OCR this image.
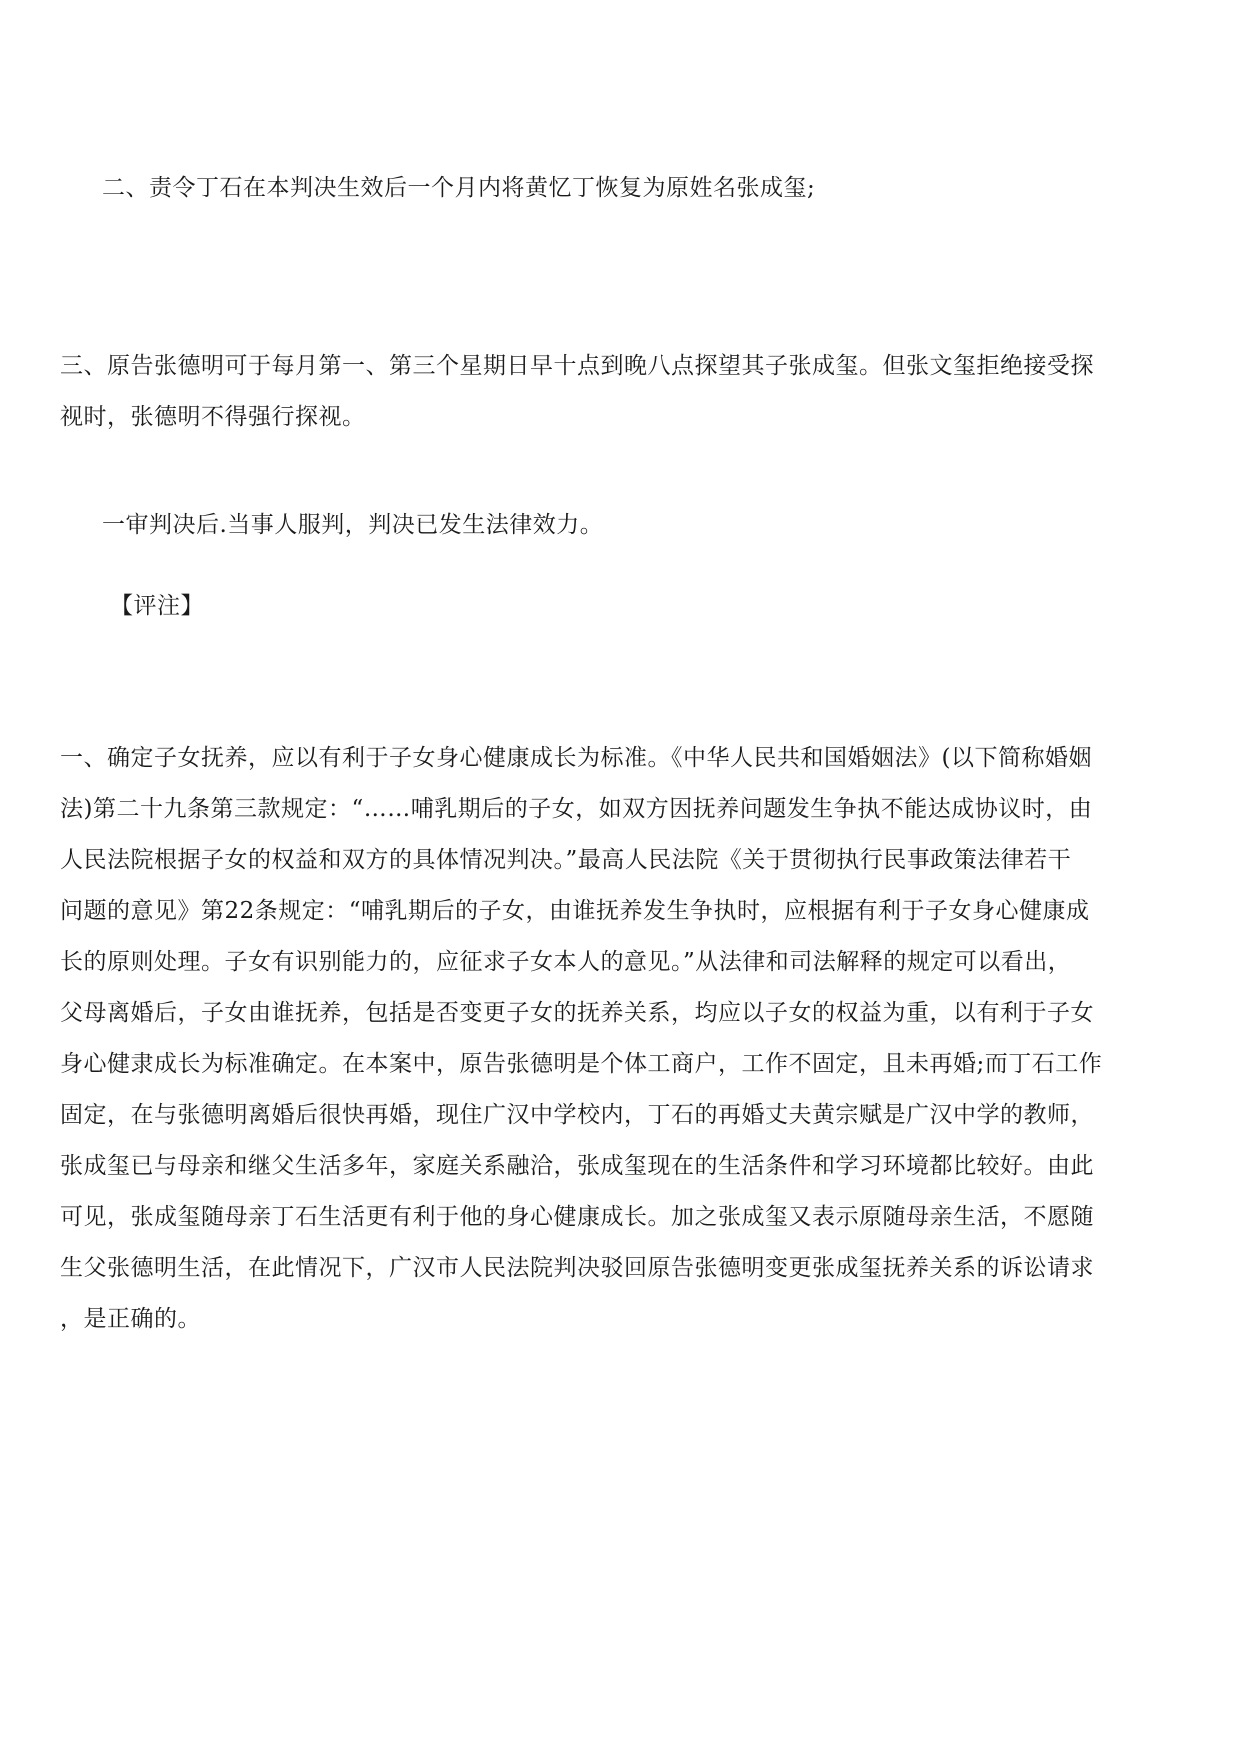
二、责令丁石在本判决生效后一个月内将黄忆丁恢复为原姓名张成玺;

三、原告张德明可于每月第一、第三个星期日早十点到晚八点探望其子张成玺。但张文玺拒绝接受探
视时，张德明不得强行探视。

一审判决后.当事人服判，判决已发生法律效力。

【评注】

一、确定子女抚养，应以有利于子女身心健康成长为标准。《中华人民共和国婚姻法》(以下简称婚姻
法)第二十九条第三款规定：“……哺乳期后的子女，如双方因抚养问题发生争执不能达成协议时，由
人民法院根据子女的权益和双方的具体情况判决。”最高人民法院《关于贯彻执行民事政策法律若干
问题的意见》第22条规定：“哺乳期后的子女，由谁抚养发生争执时，应根据有利于子女身心健康成
长的原则处理。子女有识别能力的，应征求子女本人的意见。”从法律和司法解释的规定可以看出，
父母离婚后，子女由谁抚养，包括是否变更子女的抚养关系，均应以子女的权益为重，以有利于子女
身心健隶成长为标准确定。在本案中，原告张德明是个体工商户，工作不固定，且未再婚;而丁石工作
固定，在与张德明离婚后很快再婚，现住广汉中学校内，丁石的再婚丈夫黄宗赋是广汉中学的教师，
张成玺已与母亲和继父生活多年，家庭关系融洽，张成玺现在的生活条件和学习环境都比较好。由此
可见，张成玺随母亲丁石生活更有利于他的身心健康成长。加之张成玺又表示原随母亲生活，不愿随
生父张德明生活，在此情况下，广汉市人民法院判决驳回原告张德明变更张成玺抚养关系的诉讼请求
，是正确的。
